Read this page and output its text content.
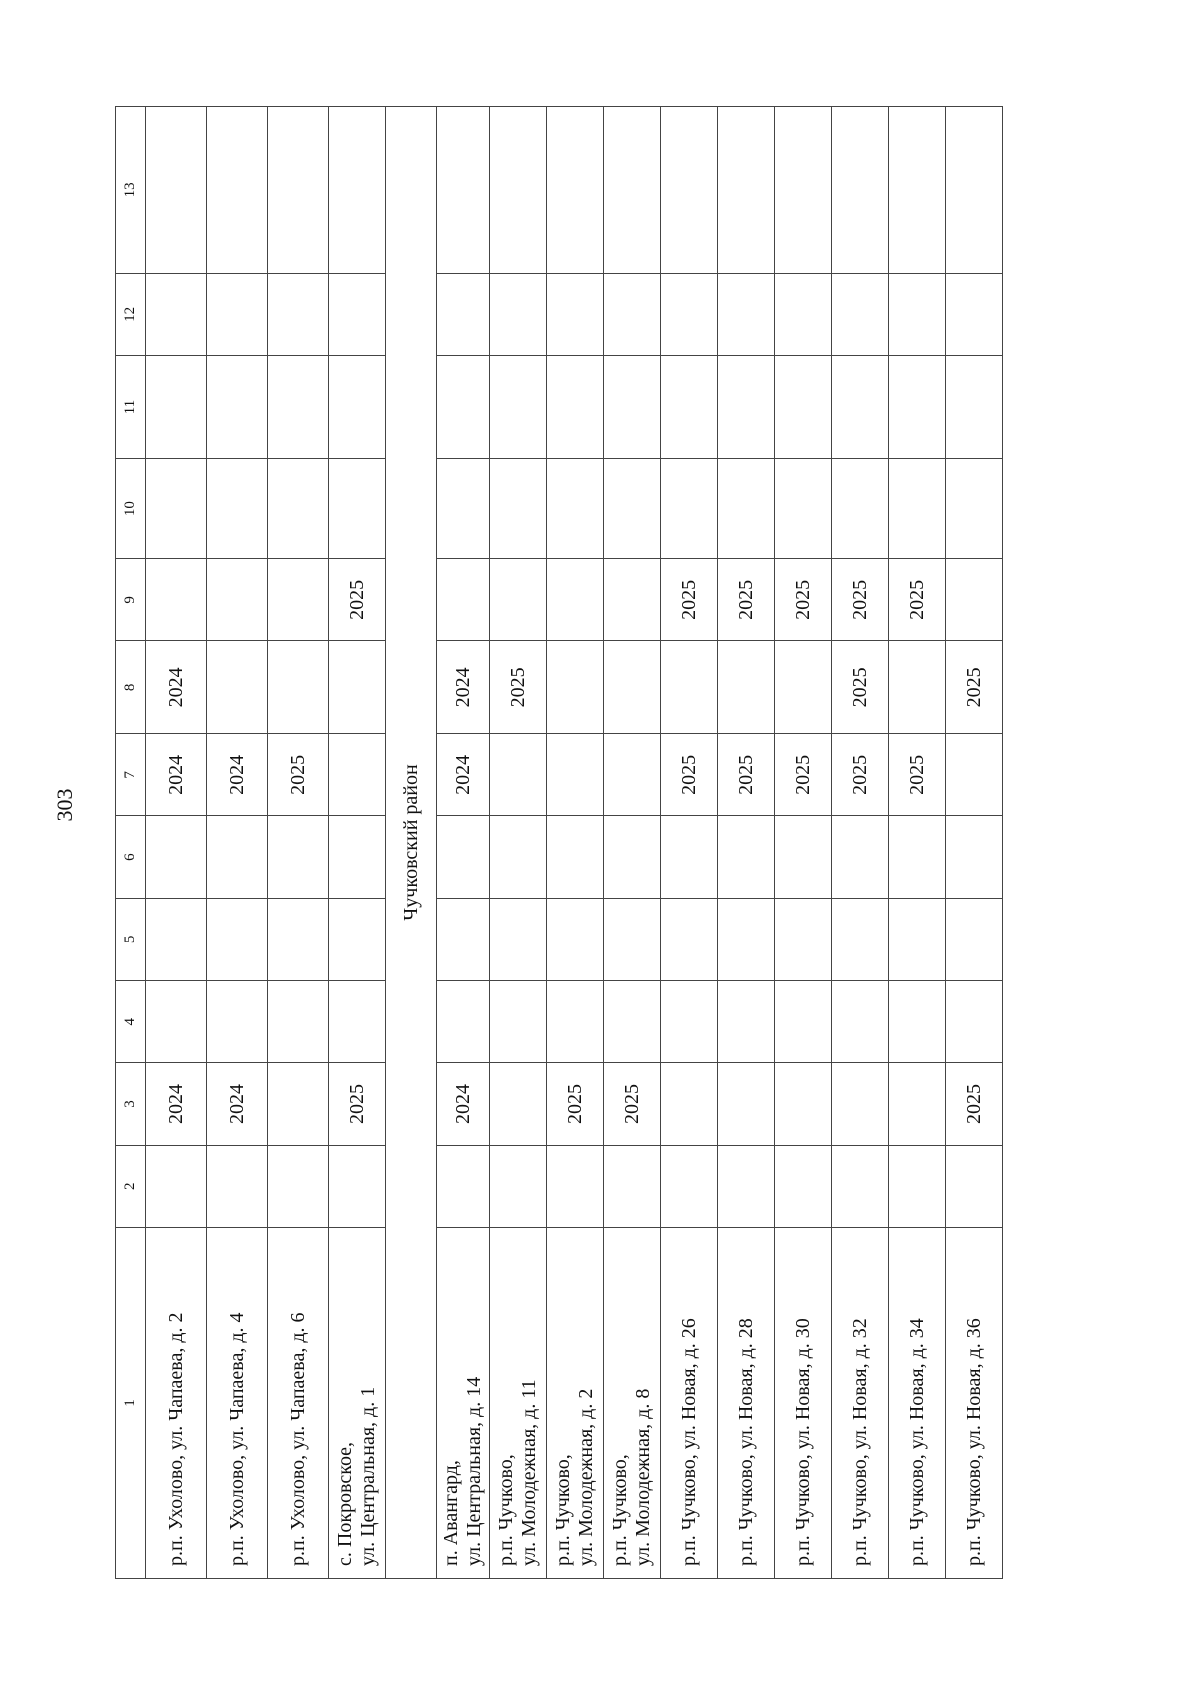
303
1	2	3	4	5	6	7	8	9	10	11	12	13

р.п. Ухолово, ул. Чапаева, д. 2		2024				2024	2024					

р.п. Ухолово, ул. Чапаева, д. 4		2024				2024						

р.п. Ухолово, ул. Чапаева, д. 6						2025						

с. Покровское, ул. Центральная, д. 1		2025						2025				
Чучковский район												

п. Авангард, ул. Центральная, д. 14		2024				2024	2024					

р.п. Чучково, ул. Молодежная, д. 11							2025					

р.п. Чучково, ул. Молодежная, д. 2		2025										

р.п. Чучково, ул. Молодежная, д. 8		2025										

р.п. Чучково, ул. Новая, д. 26						2025		2025				

р.п. Чучково, ул. Новая, д. 28						2025		2025				

р.п. Чучково, ул. Новая, д. 30						2025		2025				

р.п. Чучково, ул. Новая, д. 32						2025	2025	2025				

р.п. Чучково, ул. Новая, д. 34						2025		2025				

р.п. Чучково, ул. Новая, д. 36		2025					2025					
